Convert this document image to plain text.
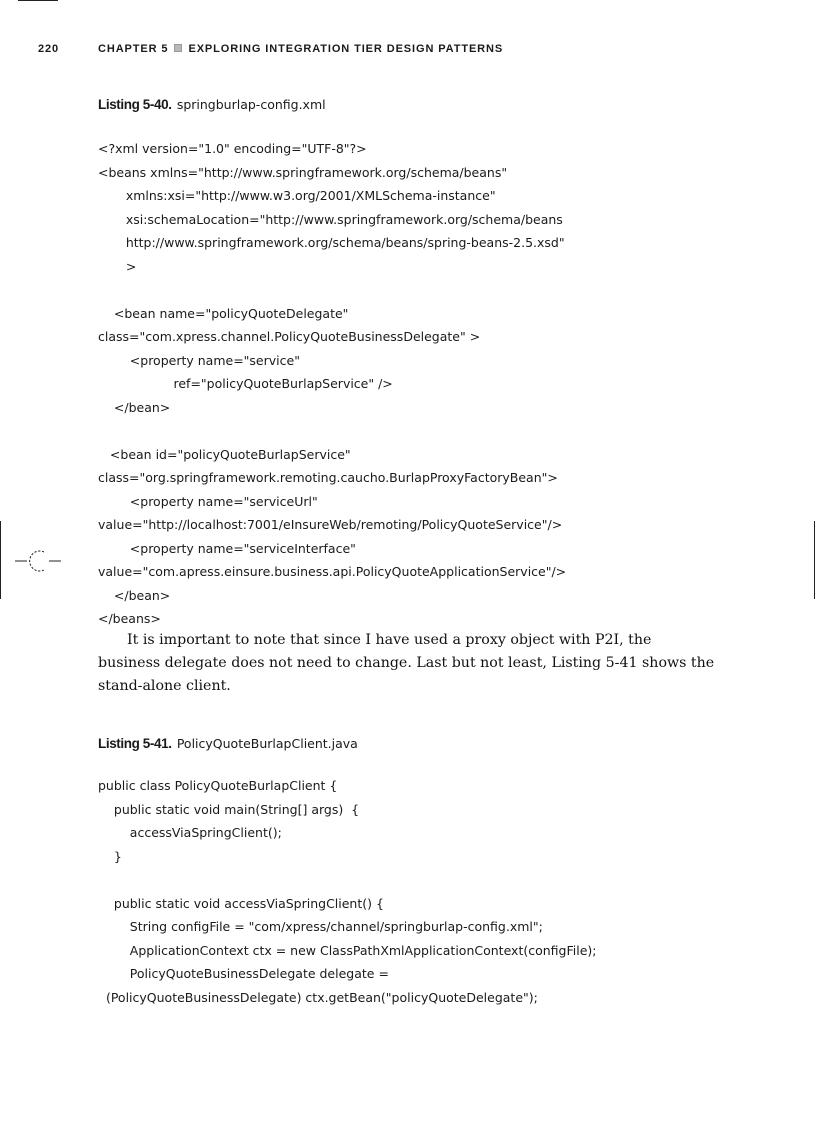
220	CHAPTER 5 EXPLORING INTEGRATION TIER DESIGN PATTERNS
Listing 5-40. springburlap-config.xml
<?xml version="1.0" encoding="UTF-8"?>
<beans xmlns="http://www.springframework.org/schema/beans"
xmlns:xsi="http://www.w3.org/2001/XMLSchema-instance"
xsi:schemaLocation="http://www.springframework.org/schema/beans
http://www.springframework.org/schema/beans/spring-beans-2.5.xsd"
>

<bean name="policyQuoteDelegate"
class="com.xpress.channel.PolicyQuoteBusinessDelegate" >
<property name="service"
ref="policyQuoteBurlapService" />
</bean>

<bean id="policyQuoteBurlapService"
class="org.springframework.remoting.caucho.BurlapProxyFactoryBean">
<property name="serviceUrl"
value="http://localhost:7001/eInsureWeb/remoting/PolicyQuoteService"/>
<property name="serviceInterface"
value="com.apress.einsure.business.api.PolicyQuoteApplicationService"/>
</bean>
</beans>

It is important to note that since I have used a proxy object with P2I, the business delegate does not need to change. Last but not least, Listing 5-41 shows the stand-alone client.

Listing 5-41. PolicyQuoteBurlapClient.java
public class PolicyQuoteBurlapClient {
public static void main(String[] args)  {
accessViaSpringClient();
}

public static void accessViaSpringClient() {
String configFile = "com/xpress/channel/springburlap-config.xml";
ApplicationContext ctx = new ClassPathXmlApplicationContext(configFile);
PolicyQuoteBusinessDelegate delegate =
(PolicyQuoteBusinessDelegate) ctx.getBean("policyQuoteDelegate");
